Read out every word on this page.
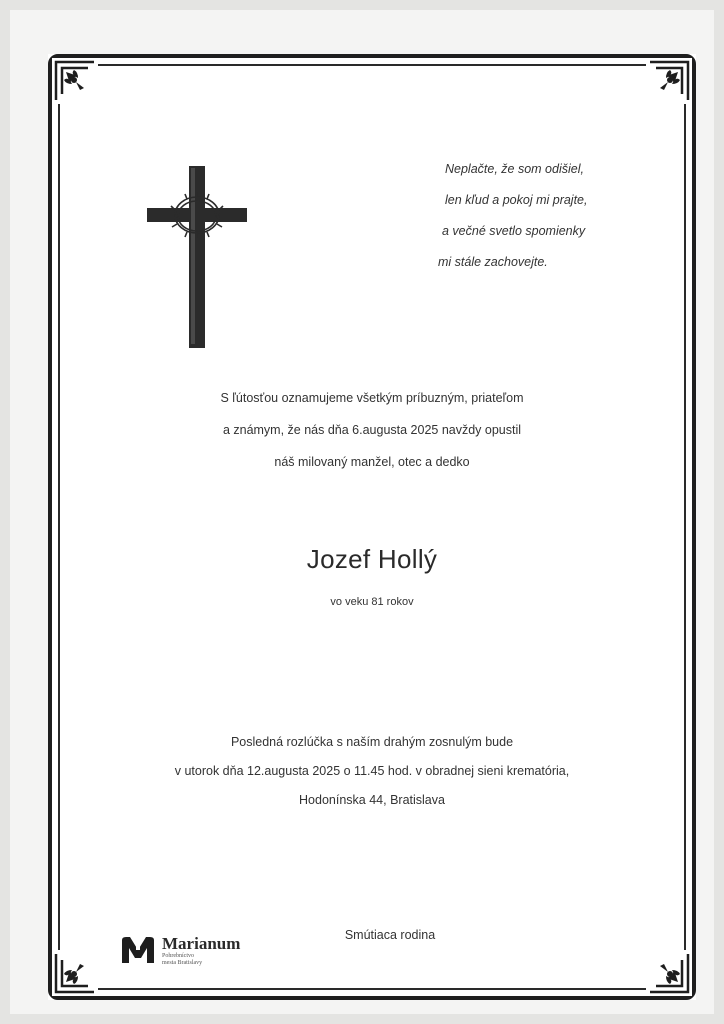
Neplačte, že som odišiel,
len kľud a pokoj mi prajte,
a večné svetlo spomienky
mi stále zachovejte.
S ľútosťou oznamujeme všetkým príbuzným, priateľom
a známym, že nás dňa 6.augusta 2025 navždy opustil
náš milovaný manžel, otec a dedko
Jozef Hollý
vo veku 81 rokov
Posledná rozlúčka s naším drahým zosnulým bude
v utorok dňa 12.augusta 2025 o 11.45 hod. v obradnej sieni krematória,
Hodonínska 44, Bratislava
Smútiaca rodina
Marianum
Pohrebníctvo
mesta Bratislavy
